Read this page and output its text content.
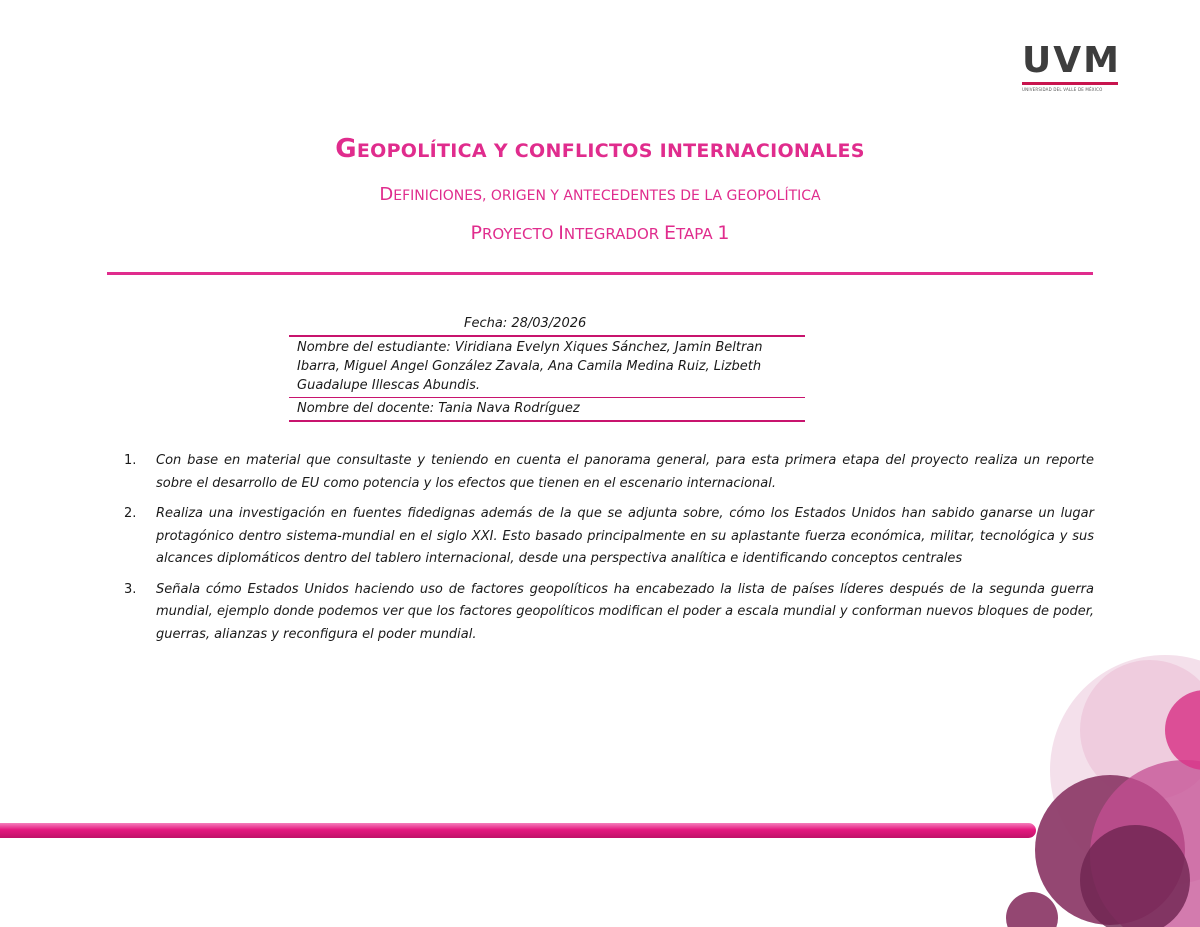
UVM
UNIVERSIDAD DEL VALLE DE MÉXICO
GEOPOLÍTICA Y CONFLICTOS INTERNACIONALES
DEFINICIONES, ORIGEN Y ANTECEDENTES DE LA GEOPOLÍTICA
PROYECTO INTEGRADOR ETAPA 1
Fecha: 28/03/2026
Nombre del estudiante: Viridiana Evelyn Xiques Sánchez, Jamin Beltran Ibarra, Miguel Angel González Zavala, Ana Camila Medina Ruiz, Lizbeth Guadalupe Illescas Abundis.
Nombre del docente: Tania Nava Rodríguez
1.	Con base en material que consultaste y teniendo en cuenta el panorama general, para esta primera etapa del proyecto realiza un reporte sobre el desarrollo de EU como potencia y los efectos que tienen en el escenario internacional.
2.	Realiza una investigación en fuentes fidedignas además de la que se adjunta sobre, cómo los Estados Unidos han sabido ganarse un lugar protagónico dentro sistema-mundial en el siglo XXI. Esto basado principalmente en su aplastante fuerza económica, militar, tecnológica y sus alcances diplomáticos dentro del tablero internacional, desde una perspectiva analítica e identificando conceptos centrales
3.	Señala cómo Estados Unidos haciendo uso de factores geopolíticos ha encabezado la lista de países líderes después de la segunda guerra mundial, ejemplo donde podemos ver que los factores geopolíticos modifican el poder a escala mundial y conforman nuevos bloques de poder, guerras, alianzas y reconfigura el poder mundial.
